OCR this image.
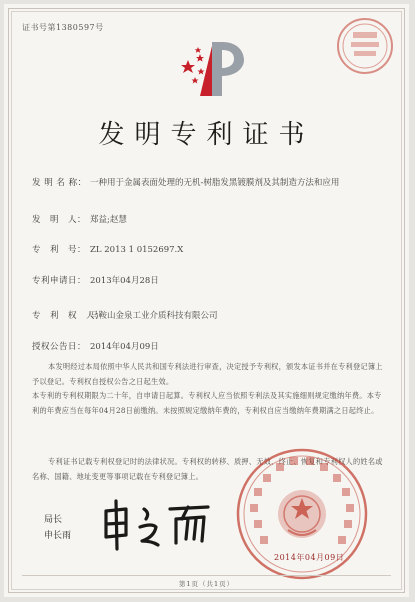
证书号第1380597号
发明专利证书
发 明 名 称： 一种用于金属表面处理的无机-树脂发黑镀膜剂及其制造方法和应用
发　明　人： 郑益;赵慧
专　利　号： ZL 2013 1 0152697.X
专利申请日： 2013年04月28日
专　利　权　人：马鞍山金泉工业介质科技有限公司
授权公告日： 2014年04月09日

本发明经过本局依照中华人民共和国专利法进行审查，决定授予专利权，颁发本证书并在专利登记簿上予以登记。专利权自授权公告之日起生效。
本专利的专利权期限为二十年，自申请日起算。专利权人应当依照专利法及其实施细则规定缴纳年费。本专利的年费应当在每年04月28日前缴纳。未按照规定缴纳年费的，专利权自应当缴纳年费期满之日起终止。

专利证书记载专利权登记时的法律状况。专利权的转移、质押、无效、终止、恢复和专利权人的姓名或名称、国籍、地址变更等事项记载在专利登记簿上。

2014年04月09日
局长
申长雨
第1页（共1页）
